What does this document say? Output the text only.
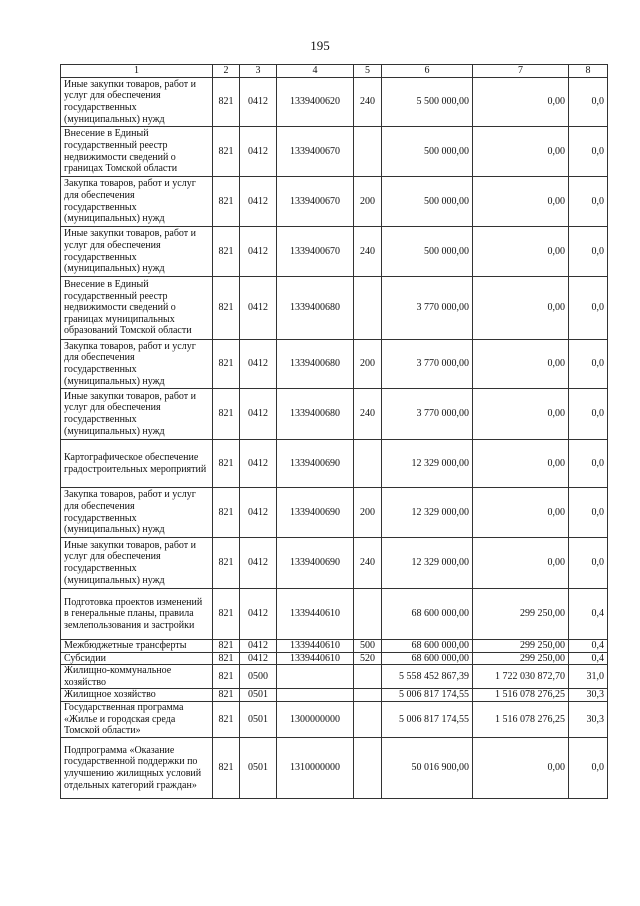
195
1	2	3	4	5	6	7	8
Иные закупки товаров, работ и услуг для обеспечения государственных (муниципальных) нужд	821	0412	1339400620	240	5 500 000,00	0,00	0,0
Внесение в Единый государственный реестр недвижимости сведений о границах Томской области	821	0412	1339400670		500 000,00	0,00	0,0
Закупка товаров, работ и услуг для обеспечения государственных (муниципальных) нужд	821	0412	1339400670	200	500 000,00	0,00	0,0
Иные закупки товаров, работ и услуг для обеспечения государственных (муниципальных) нужд	821	0412	1339400670	240	500 000,00	0,00	0,0
Внесение в Единый государственный реестр недвижимости сведений о границах муниципальных образований Томской области	821	0412	1339400680		3 770 000,00	0,00	0,0
Закупка товаров, работ и услуг для обеспечения государственных (муниципальных) нужд	821	0412	1339400680	200	3 770 000,00	0,00	0,0
Иные закупки товаров, работ и услуг для обеспечения государственных (муниципальных) нужд	821	0412	1339400680	240	3 770 000,00	0,00	0,0
Картографическое обеспечение градостроительных мероприятий	821	0412	1339400690		12 329 000,00	0,00	0,0
Закупка товаров, работ и услуг для обеспечения государственных (муниципальных) нужд	821	0412	1339400690	200	12 329 000,00	0,00	0,0
Иные закупки товаров, работ и услуг для обеспечения государственных (муниципальных) нужд	821	0412	1339400690	240	12 329 000,00	0,00	0,0
Подготовка проектов изменений в генеральные планы, правила землепользования и застройки	821	0412	1339440610		68 600 000,00	299 250,00	0,4
Межбюджетные трансферты	821	0412	1339440610	500	68 600 000,00	299 250,00	0,4
Субсидии	821	0412	1339440610	520	68 600 000,00	299 250,00	0,4
Жилищно-коммунальное хозяйство	821	0500			5 558 452 867,39	1 722 030 872,70	31,0
Жилищное хозяйство	821	0501			5 006 817 174,55	1 516 078 276,25	30,3
Государственная программа «Жилье и городская среда Томской области»	821	0501	1300000000		5 006 817 174,55	1 516 078 276,25	30,3
Подпрограмма «Оказание государственной поддержки по улучшению жилищных условий отдельных категорий граждан»	821	0501	1310000000		50 016 900,00	0,00	0,0
